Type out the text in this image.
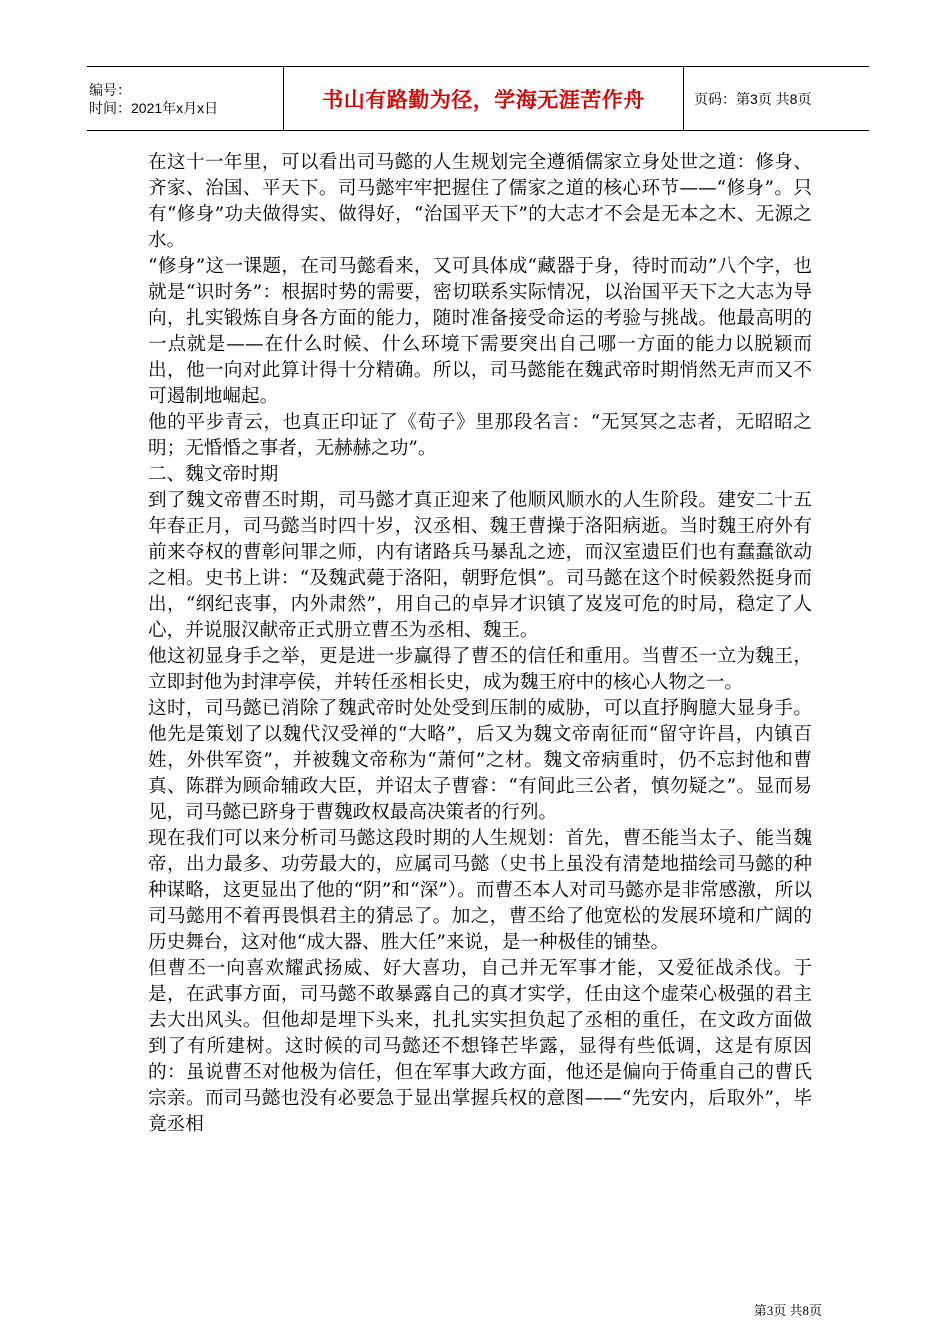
编号：
时间：2021年x月x日	书山有路勤为径，学海无涯苦作舟	页码：第3页 共8页

在这十一年里，可以看出司马懿的人生规划完全遵循儒家立身处世之道：修身、齐家、治国、平天下。司马懿牢牢把握住了儒家之道的核心环节——“修身”。只有“修身”功夫做得实、做得好，“治国平天下”的大志才不会是无本之木、无源之水。

“修身”这一课题，在司马懿看来，又可具体成“藏器于身，待时而动”八个字，也就是“识时务”：根据时势的需要，密切联系实际情况，以治国平天下之大志为导向，扎实锻炼自身各方面的能力，随时准备接受命运的考验与挑战。他最高明的一点就是——在什么时候、什么环境下需要突出自己哪一方面的能力以脱颖而出，他一向对此算计得十分精确。所以，司马懿能在魏武帝时期悄然无声而又不可遏制地崛起。

他的平步青云，也真正印证了《荀子》里那段名言：“无冥冥之志者，无昭昭之明；无惛惛之事者，无赫赫之功”。

二、魏文帝时期

到了魏文帝曹丕时期，司马懿才真正迎来了他顺风顺水的人生阶段。建安二十五年春正月，司马懿当时四十岁，汉丞相、魏王曹操于洛阳病逝。当时魏王府外有前来夺权的曹彰问罪之师，内有诸路兵马暴乱之迹，而汉室遗臣们也有蠢蠢欲动之相。史书上讲：“及魏武薨于洛阳，朝野危惧”。司马懿在这个时候毅然挺身而出，“纲纪丧事，内外肃然”，用自己的卓异才识镇了岌岌可危的时局，稳定了人心，并说服汉献帝正式册立曹丕为丞相、魏王。

他这初显身手之举，更是进一步赢得了曹丕的信任和重用。当曹丕一立为魏王，立即封他为封津亭侯，并转任丞相长史，成为魏王府中的核心人物之一。

这时，司马懿已消除了魏武帝时处处受到压制的威胁，可以直抒胸臆大显身手。他先是策划了以魏代汉受禅的“大略”，后又为魏文帝南征而“留守许昌，内镇百姓，外供军资”，并被魏文帝称为“萧何”之材。魏文帝病重时，仍不忘封他和曹真、陈群为顾命辅政大臣，并诏太子曹睿：“有间此三公者，慎勿疑之”。显而易见，司马懿已跻身于曹魏政权最高决策者的行列。

现在我们可以来分析司马懿这段时期的人生规划：首先，曹丕能当太子、能当魏帝，出力最多、功劳最大的，应属司马懿（史书上虽没有清楚地描绘司马懿的种种谋略，这更显出了他的“阴”和“深”）。而曹丕本人对司马懿亦是非常感激，所以司马懿用不着再畏惧君主的猜忌了。加之，曹丕给了他宽松的发展环境和广阔的历史舞台，这对他“成大器、胜大任”来说，是一种极佳的铺垫。

但曹丕一向喜欢耀武扬威、好大喜功，自己并无军事才能，又爱征战杀伐。于是，在武事方面，司马懿不敢暴露自己的真才实学，任由这个虚荣心极强的君主去大出风头。但他却是埋下头来，扎扎实实担负起了丞相的重任，在文政方面做到了有所建树。这时候的司马懿还不想锋芒毕露，显得有些低调，这是有原因的：虽说曹丕对他极为信任，但在军事大政方面，他还是偏向于倚重自己的曹氏宗亲。而司马懿也没有必要急于显出掌握兵权的意图——“先安内，后取外”，毕竟丞相

第3页 共8页
